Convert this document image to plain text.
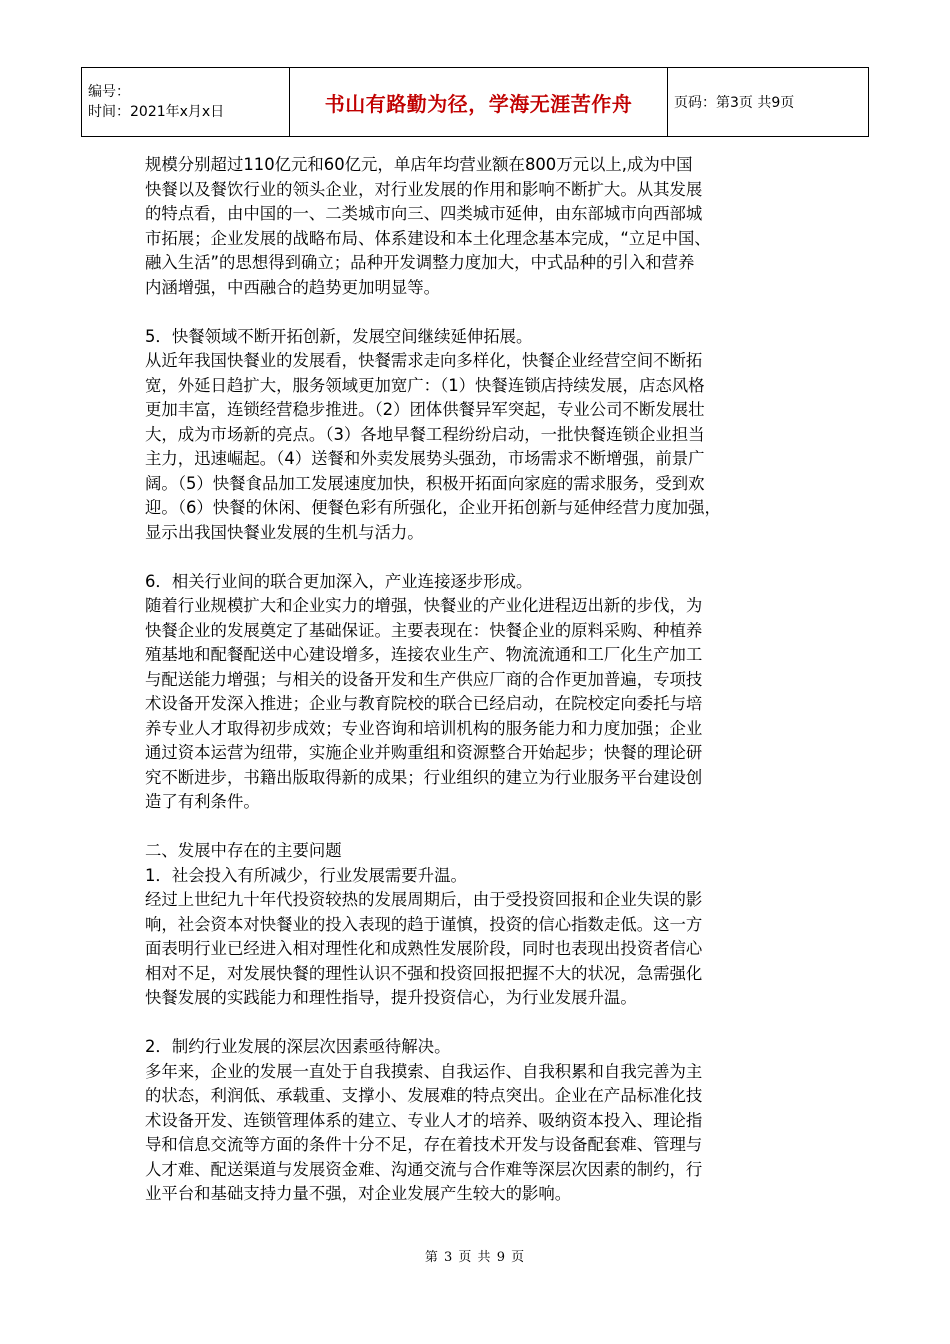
编号：
时间：2021年x月x日	书山有路勤为径，学海无涯苦作舟	页码：第3页 共9页

规模分别超过110亿元和60亿元，单店年均营业额在800万元以上,成为中国
快餐以及餐饮行业的领头企业，对行业发展的作用和影响不断扩大。从其发展
的特点看，由中国的一、二类城市向三、四类城市延伸，由东部城市向西部城
市拓展；企业发展的战略布局、体系建设和本土化理念基本完成，“立足中国、
融入生活”的思想得到确立；品种开发调整力度加大，中式品种的引入和营养
内涵增强，中西融合的趋势更加明显等。

5．快餐领域不断开拓创新，发展空间继续延伸拓展。

从近年我国快餐业的发展看，快餐需求走向多样化，快餐企业经营空间不断拓
宽，外延日趋扩大，服务领域更加宽广：（1）快餐连锁店持续发展，店态风格
更加丰富，连锁经营稳步推进。（2）团体供餐异军突起，专业公司不断发展壮
大，成为市场新的亮点。（3）各地早餐工程纷纷启动，一批快餐连锁企业担当
主力，迅速崛起。（4）送餐和外卖发展势头强劲，市场需求不断增强，前景广
阔。（5）快餐食品加工发展速度加快，积极开拓面向家庭的需求服务，受到欢
迎。（6）快餐的休闲、便餐色彩有所强化，企业开拓创新与延伸经营力度加强，
显示出我国快餐业发展的生机与活力。

6．相关行业间的联合更加深入，产业连接逐步形成。

随着行业规模扩大和企业实力的增强，快餐业的产业化进程迈出新的步伐，为
快餐企业的发展奠定了基础保证。主要表现在：快餐企业的原料采购、种植养
殖基地和配餐配送中心建设增多，连接农业生产、物流流通和工厂化生产加工
与配送能力增强；与相关的设备开发和生产供应厂商的合作更加普遍，专项技
术设备开发深入推进；企业与教育院校的联合已经启动，在院校定向委托与培
养专业人才取得初步成效；专业咨询和培训机构的服务能力和力度加强；企业
通过资本运营为纽带，实施企业并购重组和资源整合开始起步；快餐的理论研
究不断进步，书籍出版取得新的成果；行业组织的建立为行业服务平台建设创
造了有利条件。

二、发展中存在的主要问题

1．社会投入有所减少，行业发展需要升温。

经过上世纪九十年代投资较热的发展周期后，由于受投资回报和企业失误的影
响，社会资本对快餐业的投入表现的趋于谨慎，投资的信心指数走低。这一方
面表明行业已经进入相对理性化和成熟性发展阶段，同时也表现出投资者信心
相对不足，对发展快餐的理性认识不强和投资回报把握不大的状况，急需强化
快餐发展的实践能力和理性指导，提升投资信心，为行业发展升温。

2．制约行业发展的深层次因素亟待解决。

多年来，企业的发展一直处于自我摸索、自我运作、自我积累和自我完善为主
的状态，利润低、承载重、支撑小、发展难的特点突出。企业在产品标准化技
术设备开发、连锁管理体系的建立、专业人才的培养、吸纳资本投入、理论指
导和信息交流等方面的条件十分不足，存在着技术开发与设备配套难、管理与
人才难、配送渠道与发展资金难、沟通交流与合作难等深层次因素的制约，行
业平台和基础支持力量不强，对企业发展产生较大的影响。

第 3 页 共 9 页
